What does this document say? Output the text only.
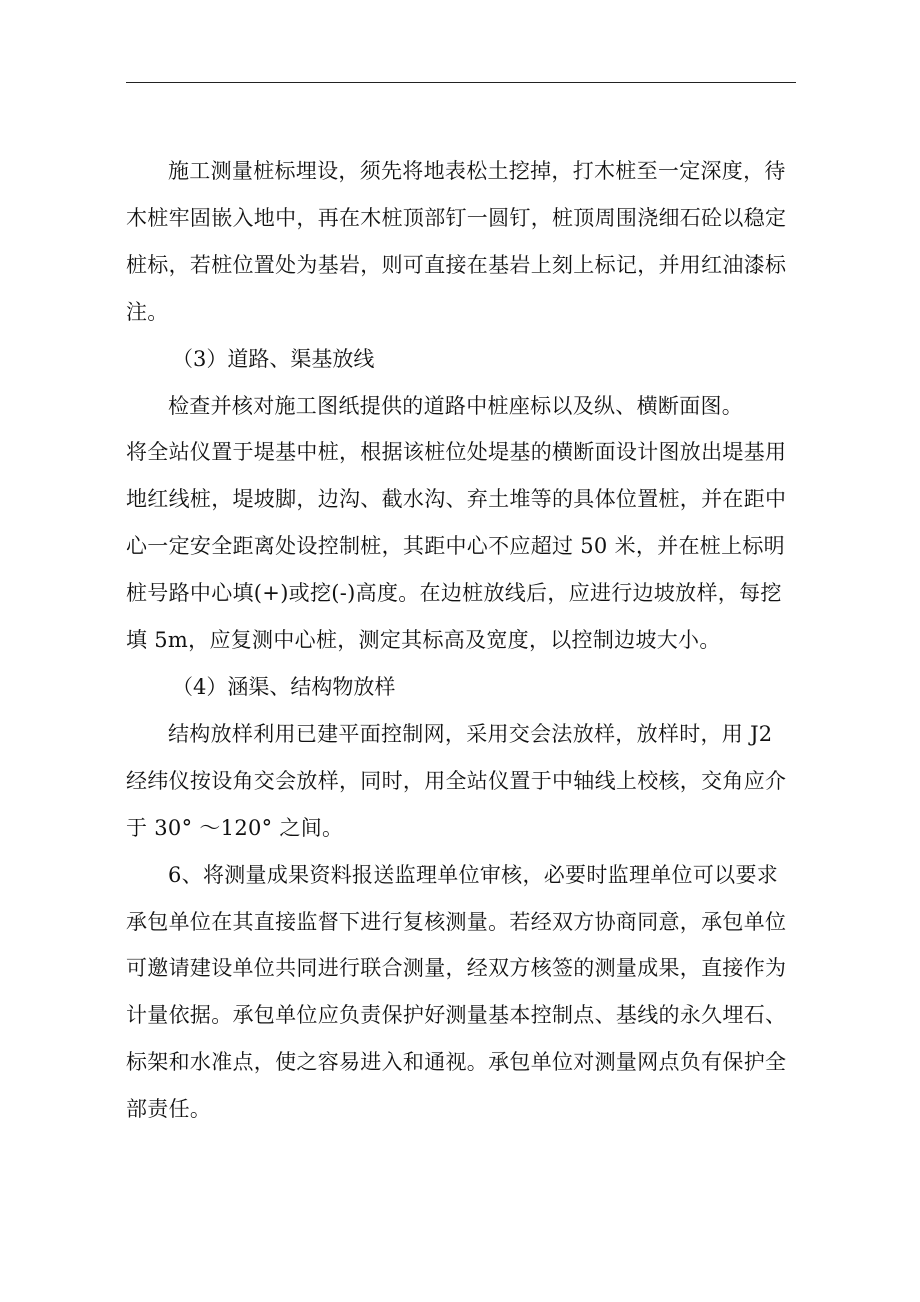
施工测量桩标埋设，须先将地表松土挖掉，打木桩至一定深度，待
木桩牢固嵌入地中，再在木桩顶部钉一圆钉，桩顶周围浇细石砼以稳定
桩标，若桩位置处为基岩，则可直接在基岩上刻上标记，并用红油漆标
注。

（3）道路、渠基放线

检查并核对施工图纸提供的道路中桩座标以及纵、横断面图。
将全站仪置于堤基中桩，根据该桩位处堤基的横断面设计图放出堤基用
地红线桩，堤坡脚，边沟、截水沟、弃土堆等的具体位置桩，并在距中
心一定安全距离处设控制桩，其距中心不应超过 50 米，并在桩上标明
桩号路中心填(+)或挖(-)高度。在边桩放线后，应进行边坡放样，每挖
填 5m，应复测中心桩，测定其标高及宽度，以控制边坡大小。

（4）涵渠、结构物放样

结构放样利用已建平面控制网，采用交会法放样，放样时，用 J2
经纬仪按设角交会放样，同时，用全站仪置于中轴线上校核，交角应介
于 30° ～120° 之间。

6、将测量成果资料报送监理单位审核，必要时监理单位可以要求
承包单位在其直接监督下进行复核测量。若经双方协商同意，承包单位
可邀请建设单位共同进行联合测量，经双方核签的测量成果，直接作为
计量依据。承包单位应负责保护好测量基本控制点、基线的永久埋石、
标架和水准点，使之容易进入和通视。承包单位对测量网点负有保护全
部责任。
